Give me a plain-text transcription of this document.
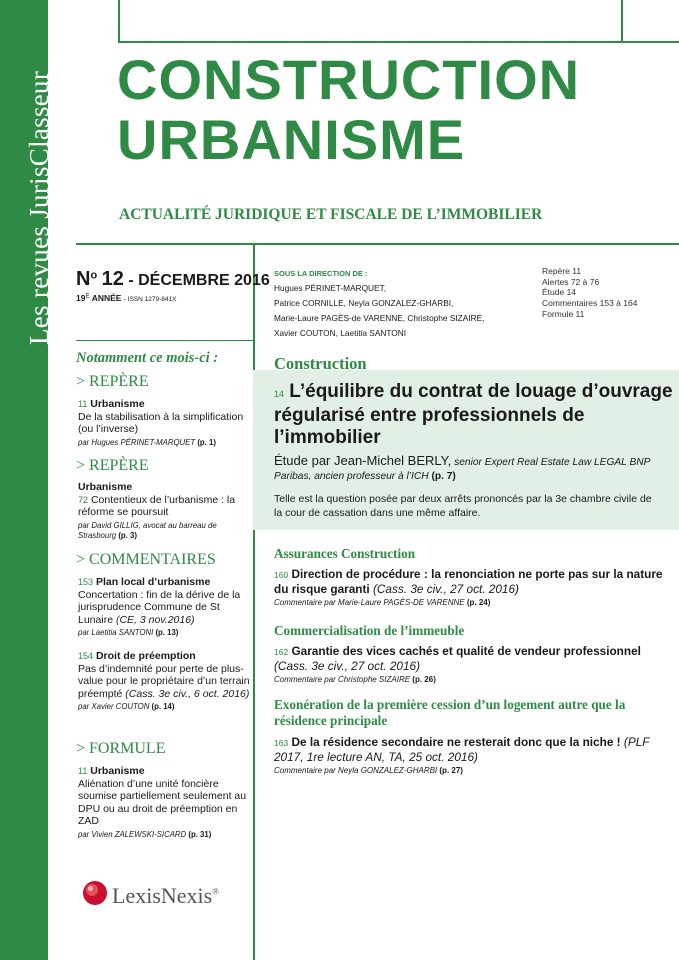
Les revues JurisClasseur CONSTRUCTION
URBANISME
ACTUALITÉ JURIDIQUE ET FISCALE DE L’IMMOBILIER
$N^o$ 12 - DÉCEMBRE 2016
$19^E$ ANNÉE - ISSN 1279-841X
SOUS LA DIRECTION DE :
Hugues PÉRINET-MARQUET,
Patrice CORNILLE, Neyla GONZALEZ-GHARBI,
Marie-Laure PAGÈS-de VARENNE, Christophe SIZAIRE,
Xavier COUTON, Laetitia SANTONI
Repère 11
Alertes 72 à 76
Étude 14
Commentaires 153 à 164
Formule 11
Notamment ce mois-ci :
> REPÈRE
11 Urbanisme
De la stabilisation à la simplification (ou l’inverse)
par Hugues PÉRINET-MARQUET (p. 1)
> REPÈRE
Urbanisme
72 Contentieux de l’urbanisme : la réforme se poursuit
par David GILLIG, avocat au barreau de Strasbourg (p. 3)
> COMMENTAIRES
153 Plan local d’urbanisme
Concertation : fin de la dérive de la jurisprudence Commune de St Lunaire (CE, 3 nov.2016)
par Laetitia SANTONI (p. 13)
154 Droit de préemption
Pas d’indemnité pour perte de plus-value pour le propriétaire d’un terrain préempté (Cass. 3e civ., 6 oct. 2016)
par Xavier COUTON (p. 14)
> FORMULE
11 Urbanisme
Aliénation d’une unité foncière soumise partiellement seulement au DPU ou au droit de préemption en ZAD
par Vivien ZALEWSKI-SICARD (p. 31)
LexisNexis®
Construction
14 L’équilibre du contrat de louage d’ouvrage régularisé entre professionnels de l’immobilier
Étude par Jean-Michel BERLY, senior Expert Real Estate Law LEGAL BNP Paribas, ancien professeur à l’ICH (p. 7)
Telle est la question posée par deux arrêts prononcés par la 3e chambre civile de la cour de cassation dans une même affaire.
Assurances Construction
160 Direction de procédure : la renonciation ne porte pas sur la nature du risque garanti (Cass. 3e civ., 27 oct. 2016)
Commentaire par Marie-Laure PAGÈS-DE VARENNE (p. 24)
Commercialisation de l’immeuble
162 Garantie des vices cachés et qualité de vendeur professionnel (Cass. 3e civ., 27 oct. 2016)
Commentaire par Christophe SIZAIRE (p. 26)
Exonération de la première cession d’un logement autre que la résidence principale
163 De la résidence secondaire ne resterait donc que la niche ! (PLF 2017, 1re lecture AN, TA, 25 oct. 2016)
Commentaire par Neyla GONZALEZ-GHARBI (p. 27)
